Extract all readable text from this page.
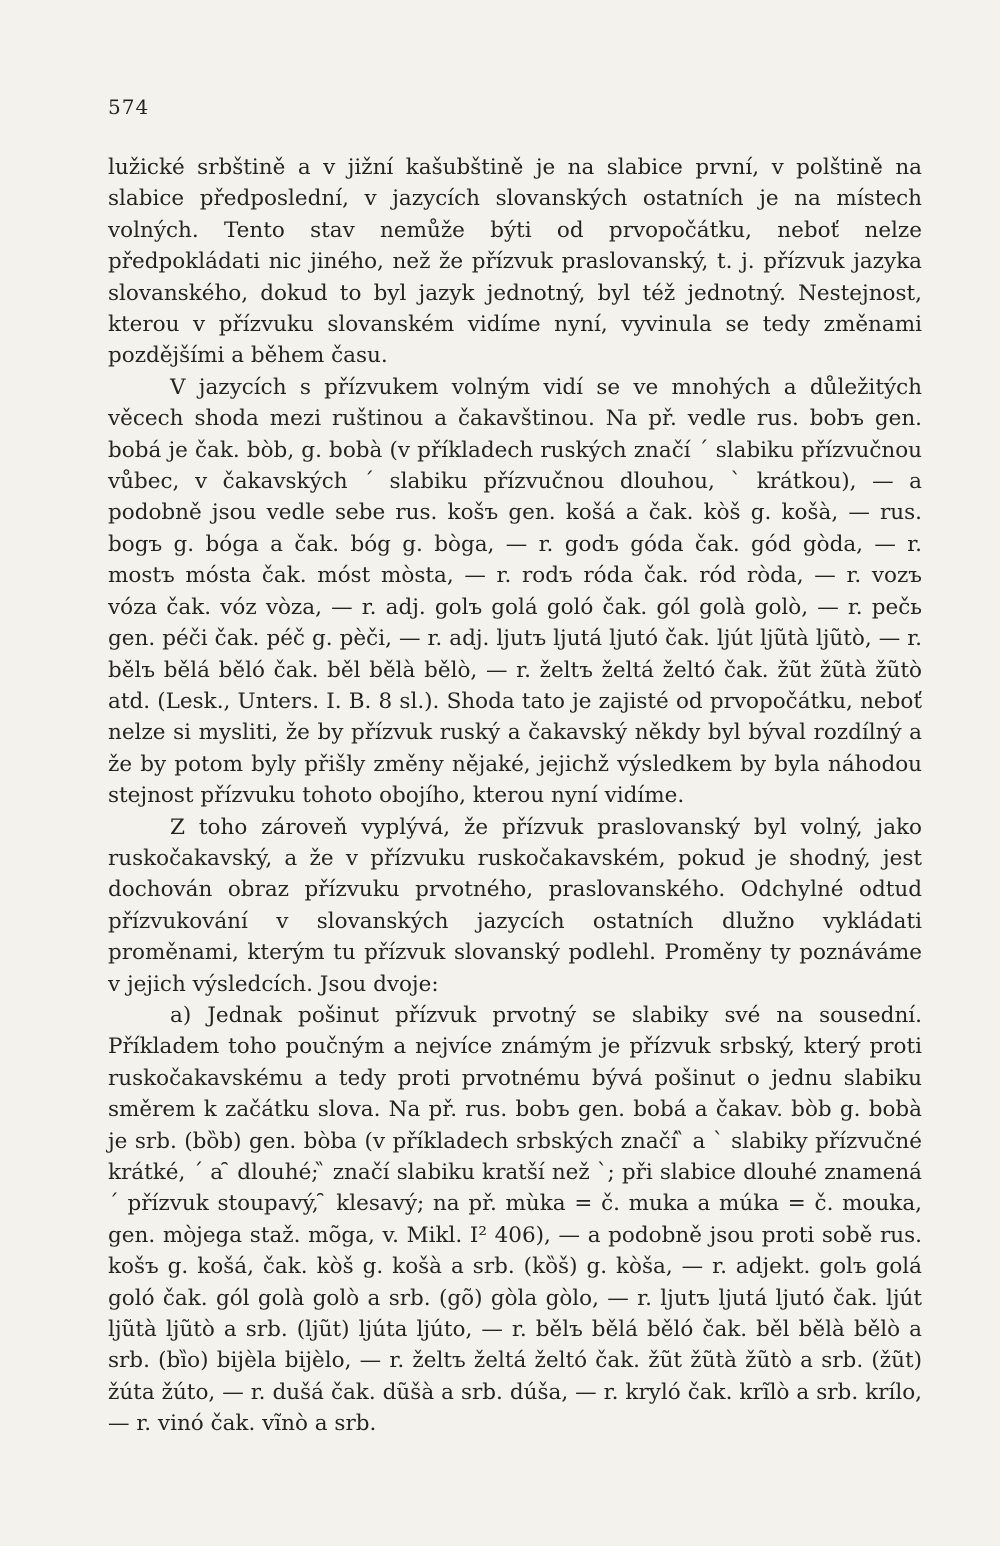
574

lužické srbštině a v jižní kašubštině je na slabice první, v polštině na slabice předposlední, v jazycích slovanských ostatních je na místech volných. Tento stav nemůže býti od prvopočátku, neboť nelze předpokládati nic jiného, než že přízvuk praslovanský, t. j. přízvuk jazyka slovanského, dokud to byl jazyk jednotný, byl též jednotný. Nestejnost, kterou v přízvuku slovanském vidíme nyní, vyvinula se tedy změnami pozdějšími a během času.

V jazycích s přízvukem volným vidí se ve mnohých a důležitých věcech shoda mezi ruštinou a čakavštinou. Na př. vedle rus. bobъ gen. bobá je čak. bòb, g. bobà (v příkladech ruských značí ´ slabiku přízvučnou vůbec, v čakavských ´ slabiku přízvučnou dlouhou, ` krátkou), — a podobně jsou vedle sebe rus. košъ gen. košá a čak. kòš g. košà, — rus. bogъ g. bóga a čak. bóg g. bòga, — r. godъ góda čak. gód gòda, — r. mostъ mósta čak. móst mòsta, — r. rodъ róda čak. ród ròda, — r. vozъ vóza čak. vóz vòza, — r. adj. golъ golá goló čak. gól golà golò, — r. pečь gen. péči čak. péč g. pèči, — r. adj. ljutъ ljutá ljutó čak. ljút ljũtà ljũtò, — r. bělъ bělá běló čak. běl bělà bělò, — r. želtъ želtá želtó čak. žũt žũtà žũtò atd. (Lesk., Unters. I. B. 8 sl.). Shoda tato je zajisté od prvopočátku, neboť nelze si mysliti, že by přízvuk ruský a čakavský někdy byl býval rozdílný a že by potom byly přišly změny nějaké, jejichž výsledkem by byla náhodou stejnost přízvuku tohoto obojího, kterou nyní vidíme.

Z toho zároveň vyplývá, že přízvuk praslovanský byl volný, jako ruskočakavský, a že v přízvuku ruskočakavském, pokud je shodný, jest dochován obraz přízvuku prvotného, praslovanského. Odchylné odtud přízvukování v slovanských jazycích ostatních dlužno vykládati proměnami, kterým tu přízvuk slovanský podlehl. Proměny ty poznáváme v jejich výsledcích. Jsou dvoje:

a) Jednak pošinut přízvuk prvotný se slabiky své na sousední. Příkladem toho poučným a nejvíce známým je přízvuk srbský, který proti ruskočakavskému a tedy proti prvotnému bývá pošinut o jednu slabiku směrem k začátku slova. Na př. rus. bobъ gen. bobá a čakav. bòb g. bobà je srb. (bȍb) gen. bòba (v příkladech srbských značí ̏ a ` slabiky přízvučné krátké, ´ a ̑ dlouhé; ̏ značí slabiku kratší než `; při slabice dlouhé znamená ´ přízvuk stoupavý, ̑ klesavý; na př. mùka = č. muka a múka = č. mouka, gen. mòjega stаž. mõga, v. Mikl. I² 406), — a podobně jsou proti sobě rus. košъ g. košá, čak. kòš g. košà a srb. (kȍš) g. kòša, — r. adjekt. golъ golá goló čak. gól golà golò a srb. (gõ) gòla gòlo, — r. ljutъ ljutá ljutó čak. ljút ljũtà ljũtò a srb. (ljũt) ljúta ljúto, — r. bělъ bělá běló čak. běl bělà bělò a srb. (bȉo) bijèla bijèlo, — r. želtъ želtá želtó čak. žũt žũtà žũtò a srb. (žũt) žúta žúto, — r. dušá čak. dũšà a srb. dúša, — r. kryló čak. krĩlò a srb. krílo, — r. vinó čak. vĩnò a srb.
